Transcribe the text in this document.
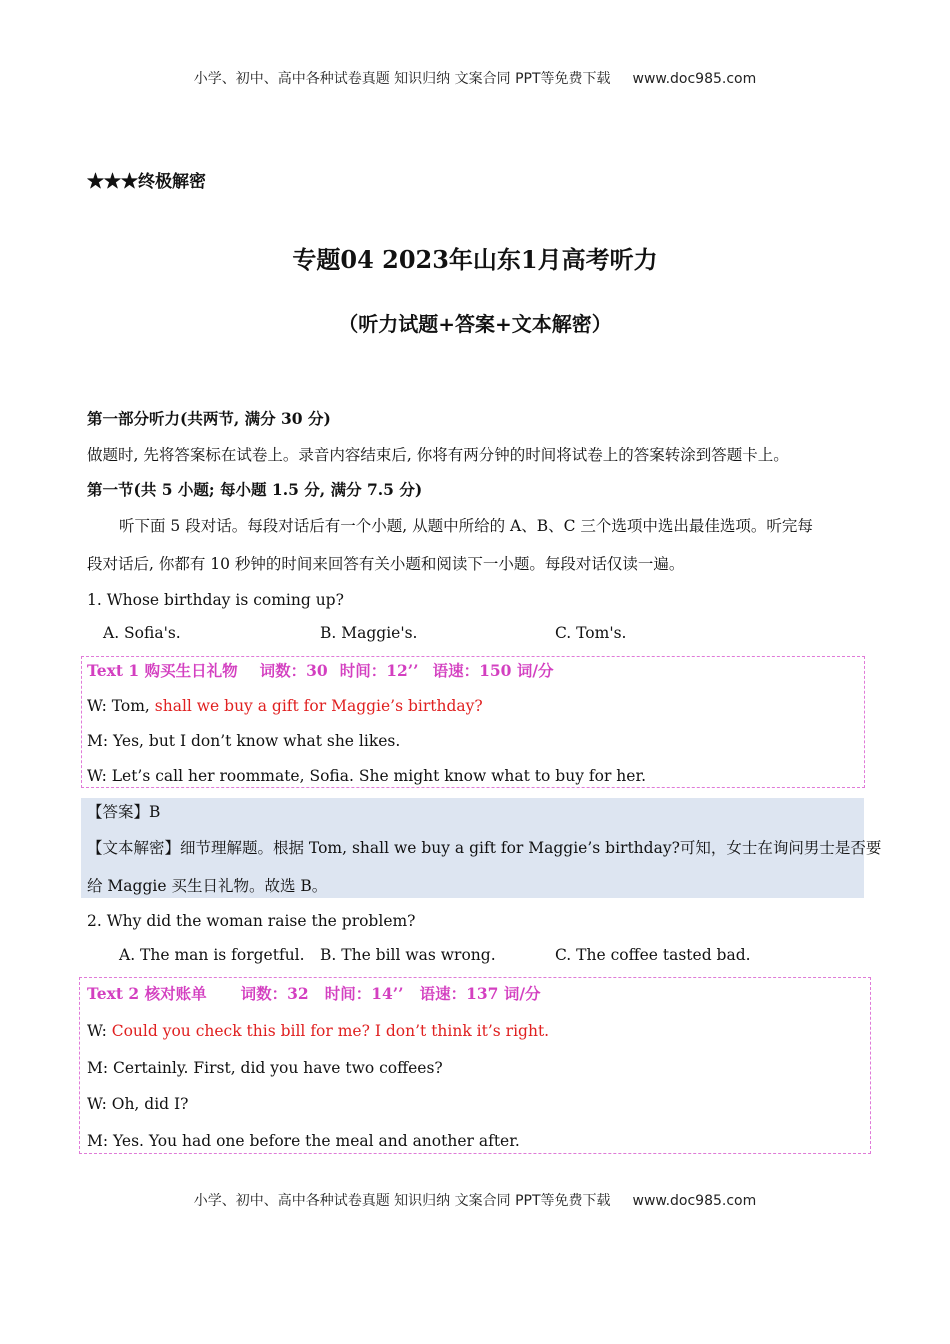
小学、初中、高中各种试卷真题 知识归纳 文案合同 PPT等免费下载 www.doc985.com
★★★终极解密
专题04 2023年山东1月高考听力
（听力试题+答案+文本解密）
第一部分听力(共两节, 满分 30 分)
做题时, 先将答案标在试卷上。录音内容结束后, 你将有两分钟的时间将试卷上的答案转涂到答题卡上。
第一节(共 5 小题; 每小题 1.5 分, 满分 7.5 分)
听下面 5 段对话。每段对话后有一个小题, 从题中所给的 A、B、C 三个选项中选出最佳选项。听完每
段对话后, 你都有 10 秒钟的时间来回答有关小题和阅读下一小题。每段对话仅读一遍。
1. Whose birthday is coming up?
A. Sofia's.	B. Maggie's.	C. Tom's.
Text 1 购买生日礼物 词数：30 时间：12’’ 语速：150 词/分
W: Tom, shall we buy a gift for Maggie’s birthday?
M: Yes, but I don’t know what she likes.
W: Let’s call her roommate, Sofia. She might know what to buy for her.
【答案】B
【文本解密】细节理解题。根据 Tom, shall we buy a gift for Maggie’s birthday?可知，女士在询问男士是否要
给 Maggie 买生日礼物。故选 B。
2. Why did the woman raise the problem?
A. The man is forgetful. B. The bill was wrong.	C. The coffee tasted bad.
Text 2 核对账单 词数：32 时间：14’’ 语速：137 词/分
W: Could you check this bill for me? I don’t think it’s right.
M: Certainly. First, did you have two coffees?
W: Oh, did I?
M: Yes. You had one before the meal and another after.
小学、初中、高中各种试卷真题 知识归纳 文案合同 PPT等免费下载 www.doc985.com
